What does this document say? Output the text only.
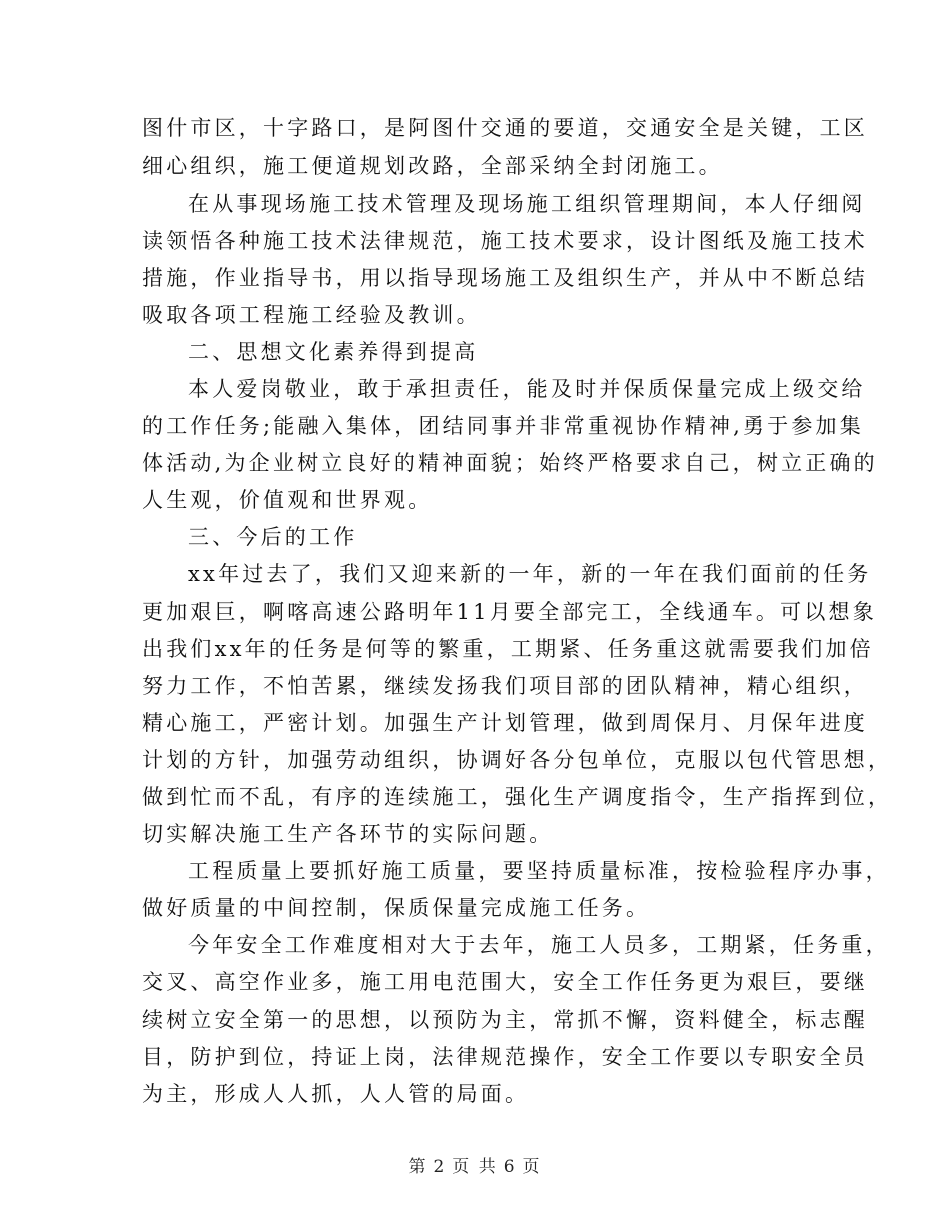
图什市区，十字路口，是阿图什交通的要道，交通安全是关键，工区
细心组织，施工便道规划改路，全部采纳全封闭施工。
在从事现场施工技术管理及现场施工组织管理期间，本人仔细阅
读领悟各种施工技术法律规范，施工技术要求，设计图纸及施工技术
措施，作业指导书，用以指导现场施工及组织生产，并从中不断总结
吸取各项工程施工经验及教训。
二、思想文化素养得到提高
本人爱岗敬业，敢于承担责任，能及时并保质保量完成上级交给
的工作任务;能融入集体，团结同事并非常重视协作精神,勇于参加集
体活动,为企业树立良好的精神面貌；始终严格要求自己，树立正确的
人生观，价值观和世界观。
三、今后的工作
xx年过去了，我们又迎来新的一年，新的一年在我们面前的任务
更加艰巨，啊喀高速公路明年11月要全部完工，全线通车。可以想象
出我们xx年的任务是何等的繁重，工期紧、任务重这就需要我们加倍
努力工作，不怕苦累，继续发扬我们项目部的团队精神，精心组织，
精心施工，严密计划。加强生产计划管理，做到周保月、月保年进度
计划的方针，加强劳动组织，协调好各分包单位，克服以包代管思想，
做到忙而不乱，有序的连续施工，强化生产调度指令，生产指挥到位，
切实解决施工生产各环节的实际问题。
工程质量上要抓好施工质量，要坚持质量标准，按检验程序办事，
做好质量的中间控制，保质保量完成施工任务。
今年安全工作难度相对大于去年，施工人员多，工期紧，任务重，
交叉、高空作业多，施工用电范围大，安全工作任务更为艰巨，要继
续树立安全第一的思想，以预防为主，常抓不懈，资料健全，标志醒
目，防护到位，持证上岗，法律规范操作，安全工作要以专职安全员
为主，形成人人抓，人人管的局面。
第 2 页 共 6 页
